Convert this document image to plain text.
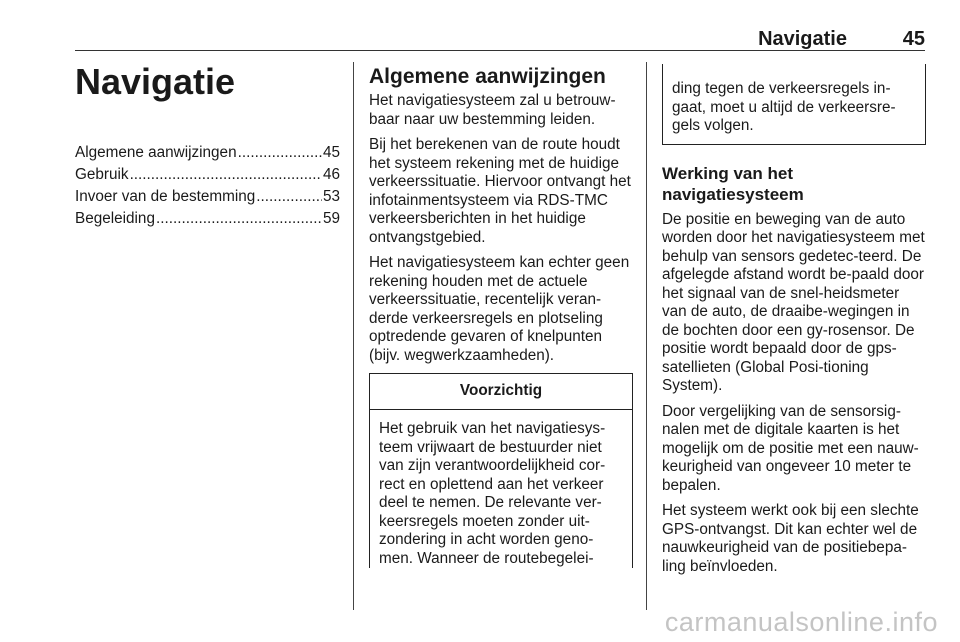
Navigatie	45
Navigatie
Algemene aanwijzingen .....	45
Gebruik .....	46
Invoer van de bestemming .....	53
Begeleiding .....	59
Algemene aanwijzingen

Het navigatiesysteem zal u betrouw-baar naar uw bestemming leiden.

Bij het berekenen van de route houdt het systeem rekening met de huidige verkeerssituatie. Hiervoor ontvangt het infotainmentsysteem via RDS-TMC verkeersberichten in het huidige ontvangstgebied.

Het navigatiesysteem kan echter geen rekening houden met de actuele verkeerssituatie, recentelijk veran-derde verkeersregels en plotseling optredende gevaren of knelpunten (bijv. wegwerkzaamheden).

Voorzichtig

Het gebruik van het navigatiesys-teem vrijwaart de bestuurder niet van zijn verantwoordelijkheid cor-rect en oplettend aan het verkeer deel te nemen. De relevante ver-keersregels moeten zonder uit-zondering in acht worden geno-men. Wanneer de routebegelei-

ding tegen de verkeersregels in-gaat, moet u altijd de verkeersre-gels volgen.

Werking van het navigatiesysteem

De positie en beweging van de auto worden door het navigatiesysteem met behulp van sensors gedetec-teerd. De afgelegde afstand wordt be-paald door het signaal van de snel-heidsmeter van de auto, de draaibe-wegingen in de bochten door een gy-rosensor. De positie wordt bepaald door de gps-satellieten (Global Posi-tioning System).

Door vergelijking van de sensorsig-nalen met de digitale kaarten is het mogelijk om de positie met een nauw-keurigheid van ongeveer 10 meter te bepalen.

Het systeem werkt ook bij een slechte GPS-ontvangst. Dit kan echter wel de nauwkeurigheid van de positiebepa-ling beïnvloeden.

carmanualsonline.info
